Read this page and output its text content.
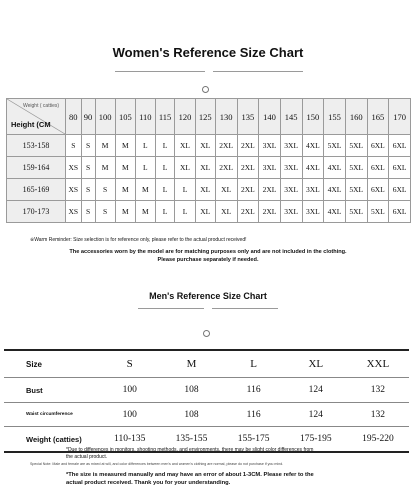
Women's Reference Size Chart
Weight ( catties)
Height (CM	80	90	100	105	110	115	120	125	130	135	140	145	150	155	160	165	170
153-158	S	S	M	M	L	L	XL	XL	2XL	2XL	3XL	3XL	4XL	5XL	5XL	6XL	6XL
159-164	XS	S	M	M	L	L	XL	XL	2XL	2XL	3XL	3XL	4XL	4XL	5XL	6XL	6XL
165-169	XS	S	S	M	M	L	L	XL	XL	2XL	2XL	3XL	3XL	4XL	5XL	6XL	6XL
170-173	XS	S	S	M	M	L	L	XL	XL	2XL	2XL	3XL	3XL	4XL	5XL	5XL	6XL
※Warm Reminder: Size selection is for reference only, please refer to the actual product received!
The accessories worn by the model are for matching purposes only and are not included in the clothing.
Please purchase separately if needed.
Men's Reference Size Chart
Size	S	M	L	XL	XXL
Bust	100	108	116	124	132
Waist circumference	100	108	116	124	132
Weight (catties)	110-135	135-155	155-175	175-195	195-220
*Due to differences in monitors, shooting methods, and environments, there may be slight color differences from the actual product.
Special Note: Male and female are as mixed at will, and color differences between men's and women's clothing are normal, please do not purchase if you mind.
*The size is measured manually and may have an error of about 1-3CM. Please refer to the actual product received. Thank you for your understanding.
